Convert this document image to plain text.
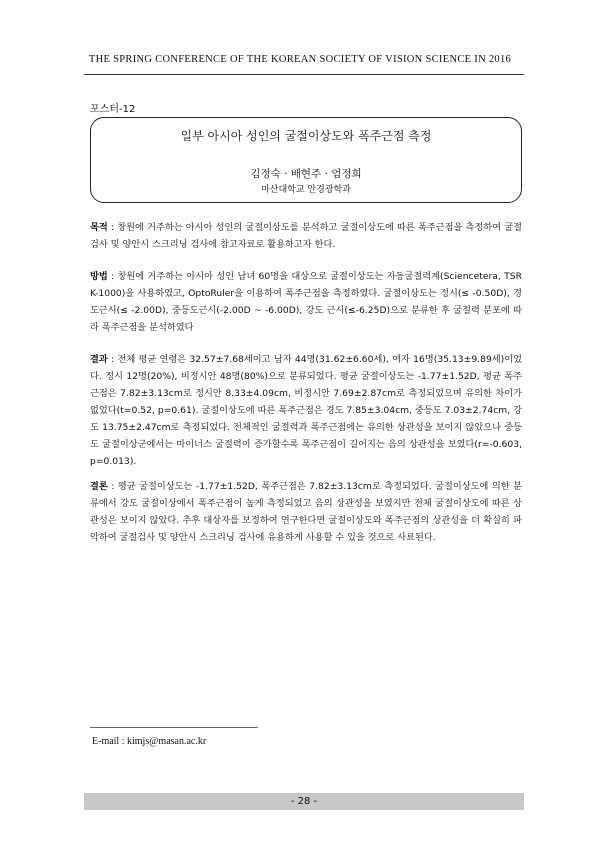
THE SPRING CONFERENCE OF THE KOREAN SOCIETY OF VISION SCIENCE IN 2016
포스터-12
일부 아시아 성인의 굴절이상도와 폭주근점 측정
김정숙 · 배현주 · 엄정희
마산대학교 안경광학과
목적 : 창원에 거주하는 아시아 성인의 굴절이상도를 분석하고 굴절이상도에 따른 폭주근점을 측정하여 굴절검사 및 양안시 스크리닝 검사에 참고자료로 활용하고자 한다.
방법 : 창원에 거주하는 아시아 성인 남녀 60명을 대상으로 굴절이상도는 자동굴절력계(Sciencetera, TSRK-1000)을 사용하였고, OptoRuler을 이용하여 폭주근점을 측정하였다. 굴절이상도는 정시(≤ -0.50D), 경도근시(≤ -2.00D), 중등도근시(-2.00D ~ -6.00D), 강도 근시(≤-6.25D)으로 분류한 후 굴절력 분포에 따라 폭주근점을 분석하였다
결과 : 전체 평균 연령은 32.57±7.68세이고 남자 44명(31.62±6.60세), 여자 16명(35.13±9.89세)이었다. 정시 12명(20%), 비정시안 48명(80%)으로 분류되었다. 평균 굴절이상도는 -1.77±1.52D, 평균 폭주근점은 7.82±3.13cm로 정시안 8.33±4.09cm, 비정시안 7.69±2.87cm로 측정되었으며 유의한 차이가 없었다(t=0.52, p=0.61). 굴절이상도에 따른 폭주근점은 경도 7.85±3.04cm, 중등도 7.03±2.74cm, 강도 13.75±2.47cm로 측정되었다. 전체적인 굴절력과 폭주근점에는 유의한 상관성을 보이지 않았으나 중등도 굴절이상군에서는 마이너스 굴절력이 증가할수록 폭주근점이 길어지는 음의 상관성을 보였다(r=-0.603, p=0.013).
결론 : 평균 굴절이상도는 -1.77±1.52D, 폭주근점은 7.82±3.13cm로 측정되었다. 굴절이상도에 의한 분류에서 강도 굴절이상에서 폭주근점이 높게 측정되었고 음의 상관성을 보였지만 전체 굴절이상도에 따른 상관성은 보이지 않았다. 추후 대상자를 보정하여 연구한다면 굴절이상도와 폭주근점의 상관성을 더 확실히 파악하여 굴절검사 및 양안시 스크리닝 검사에 유용하게 사용할 수 있을 것으로 사료된다.
E-mail : kimjs@masan.ac.kr
- 28 -
